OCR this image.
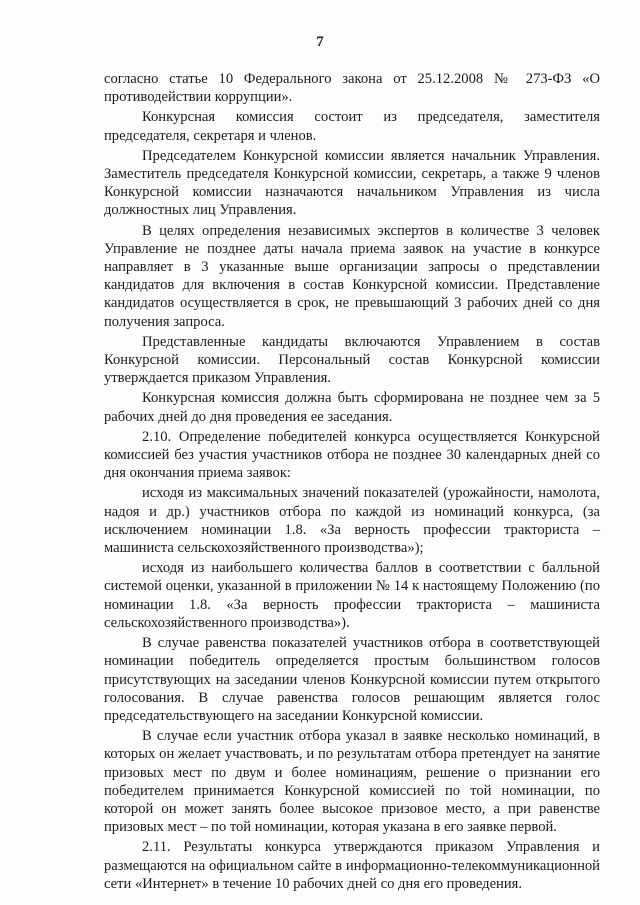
7

согласно статье 10 Федерального закона от 25.12.2008 № 273-ФЗ «О противодействии коррупции».

Конкурсная комиссия состоит из председателя, заместителя председателя, секретаря и членов.

Председателем Конкурсной комиссии является начальник Управления. Заместитель председателя Конкурсной комиссии, секретарь, а также 9 членов Конкурсной комиссии назначаются начальником Управления из числа должностных лиц Управления.

В целях определения независимых экспертов в количестве 3 человек Управление не позднее даты начала приема заявок на участие в конкурсе направляет в 3 указанные выше организации запросы о представлении кандидатов для включения в состав Конкурсной комиссии. Представление кандидатов осуществляется в срок, не превышающий 3 рабочих дней со дня получения запроса.

Представленные кандидаты включаются Управлением в состав Конкурсной комиссии. Персональный состав Конкурсной комиссии утверждается приказом Управления.

Конкурсная комиссия должна быть сформирована не позднее чем за 5 рабочих дней до дня проведения ее заседания.

2.10. Определение победителей конкурса осуществляется Конкурсной комиссией без участия участников отбора не позднее 30 календарных дней со дня окончания приема заявок:

исходя из максимальных значений показателей (урожайности, намолота, надоя и др.) участников отбора по каждой из номинаций конкурса, (за исключением номинации 1.8. «За верность профессии тракториста – машиниста сельскохозяйственного производства»);

исходя из наибольшего количества баллов в соответствии с балльной системой оценки, указанной в приложении № 14 к настоящему Положению (по номинации 1.8. «За верность профессии тракториста – машиниста сельскохозяйственного производства»).

В случае равенства показателей участников отбора в соответствующей номинации победитель определяется простым большинством голосов присутствующих на заседании членов Конкурсной комиссии путем открытого голосования. В случае равенства голосов решающим является голос председательствующего на заседании Конкурсной комиссии.

В случае если участник отбора указал в заявке несколько номинаций, в которых он желает участвовать, и по результатам отбора претендует на занятие призовых мест по двум и более номинациям, решение о признании его победителем принимается Конкурсной комиссией по той номинации, по которой он может занять более высокое призовое место, а при равенстве призовых мест – по той номинации, которая указана в его заявке первой.

2.11. Результаты конкурса утверждаются приказом Управления и размещаются на официальном сайте в информационно-телекоммуникационной сети «Интернет» в течение 10 рабочих дней со дня его проведения.
